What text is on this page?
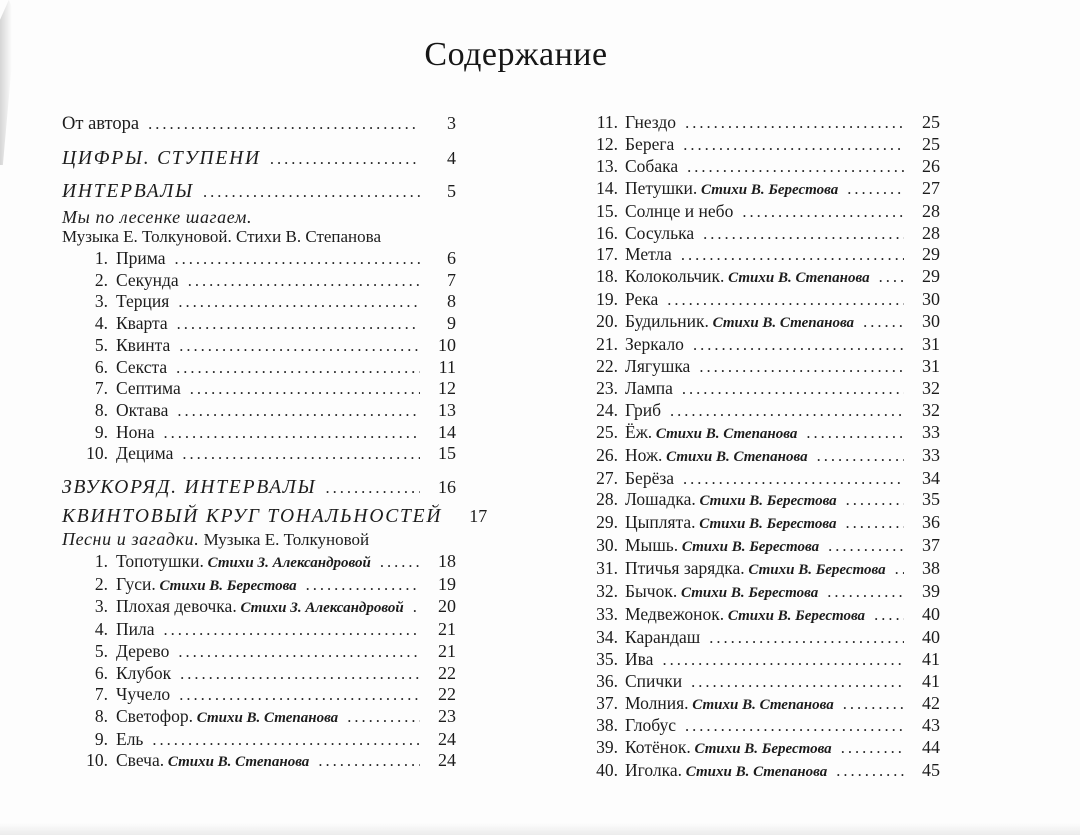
Содержание
От автора .....	3
ЦИФРЫ. СТУПЕНИ .....	4
ИНТЕРВАЛЫ .....	5
Мы по лесенке шагаем.
Музыка Е. Толкуновой. Стихи В. Степанова
1. Прима .....	6
2. Секунда .....	7
3. Терция .....	8
4. Кварта .....	9
5. Квинта .....	10
6. Секста .....	11
7. Септима .....	12
8. Октава .....	13
9. Нона .....	14
10. Децима .....	15
ЗВУКОРЯД. ИНТЕРВАЛЫ .....	16
КВИНТОВЫЙ КРУГ ТОНАЛЬНОСТЕЙ	17
Песни и загадки. Музыка Е. Толкуновой
1. Топотушки. Стихи З. Александровой .....	18
2. Гуси. Стихи В. Берестова .....	19
3. Плохая девочка. Стихи З. Александровой .....	20
4. Пила .....	21
5. Дерево .....	21
6. Клубок .....	22
7. Чучело .....	22
8. Светофор. Стихи В. Степанова .....	23
9. Ель .....	24
10. Свеча. Стихи В. Степанова .....	24
11. Гнездо .....	25
12. Берега .....	25
13. Собака .....	26
14. Петушки. Стихи В. Берестова .....	27
15. Солнце и небо .....	28
16. Сосулька .....	28
17. Метла .....	29
18. Колокольчик. Стихи В. Степанова .....	29
19. Река .....	30
20. Будильник. Стихи В. Степанова .....	30
21. Зеркало .....	31
22. Лягушка .....	31
23. Лампа .....	32
24. Гриб .....	32
25. Ёж. Стихи В. Степанова .....	33
26. Нож. Стихи В. Степанова .....	33
27. Берёза .....	34
28. Лошадка. Стихи В. Берестова .....	35
29. Цыплята. Стихи В. Берестова .....	36
30. Мышь. Стихи В. Берестова .....	37
31. Птичья зарядка. Стихи В. Берестова .....	38
32. Бычок. Стихи В. Берестова .....	39
33. Медвежонок. Стихи В. Берестова .....	40
34. Карандаш .....	40
35. Ива .....	41
36. Спички .....	41
37. Молния. Стихи В. Степанова .....	42
38. Глобус .....	43
39. Котёнок. Стихи В. Берестова .....	44
40. Иголка. Стихи В. Степанова .....	45
